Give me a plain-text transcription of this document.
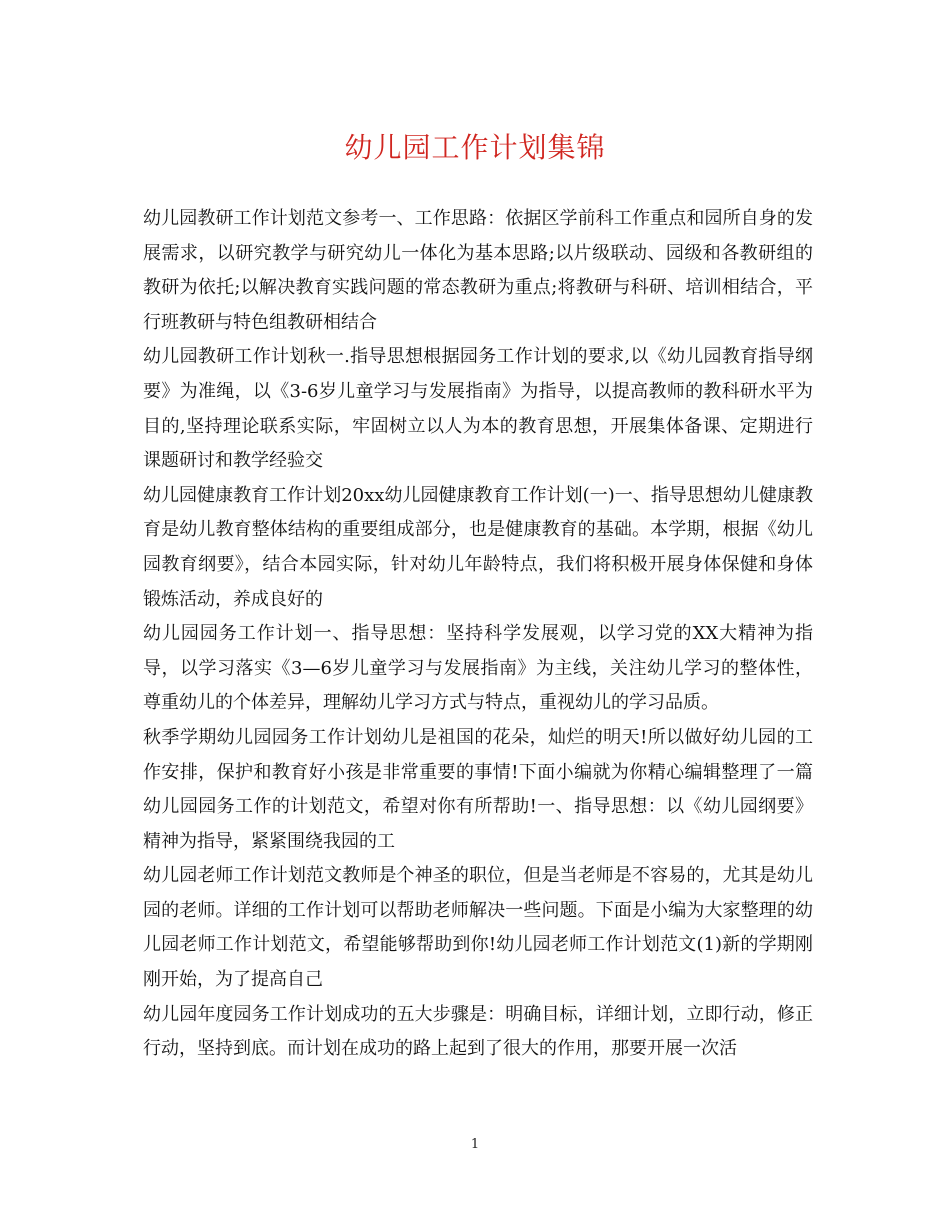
幼儿园工作计划集锦

幼儿园教研工作计划范文参考一、工作思路：依据区学前科工作重点和园所自身的发展需求，以研究教学与研究幼儿一体化为基本思路;以片级联动、园级和各教研组的教研为依托;以解决教育实践问题的常态教研为重点;将教研与科研、培训相结合，平行班教研与特色组教研相结合

幼儿园教研工作计划秋一.指导思想根据园务工作计划的要求,以《幼儿园教育指导纲要》为准绳，以《3-6岁儿童学习与发展指南》为指导，以提高教师的教科研水平为目的,坚持理论联系实际，牢固树立以人为本的教育思想，开展集体备课、定期进行课题研讨和教学经验交

幼儿园健康教育工作计划20xx幼儿园健康教育工作计划(一)一、指导思想幼儿健康教育是幼儿教育整体结构的重要组成部分，也是健康教育的基础。本学期，根据《幼儿园教育纲要》，结合本园实际，针对幼儿年龄特点，我们将积极开展身体保健和身体锻炼活动，养成良好的

幼儿园园务工作计划一、指导思想：坚持科学发展观，以学习党的XX大精神为指导，以学习落实《3—6岁儿童学习与发展指南》为主线，关注幼儿学习的整体性，尊重幼儿的个体差异，理解幼儿学习方式与特点，重视幼儿的学习品质。

秋季学期幼儿园园务工作计划幼儿是祖国的花朵，灿烂的明天!所以做好幼儿园的工作安排，保护和教育好小孩是非常重要的事情!下面小编就为你精心编辑整理了一篇幼儿园园务工作的计划范文，希望对你有所帮助!一、指导思想：以《幼儿园纲要》精神为指导，紧紧围绕我园的工

幼儿园老师工作计划范文教师是个神圣的职位，但是当老师是不容易的，尤其是幼儿园的老师。详细的工作计划可以帮助老师解决一些问题。下面是小编为大家整理的幼儿园老师工作计划范文，希望能够帮助到你!幼儿园老师工作计划范文(1)新的学期刚刚开始，为了提高自己

幼儿园年度园务工作计划成功的五大步骤是：明确目标，详细计划，立即行动，修正行动，坚持到底。而计划在成功的路上起到了很大的作用，那要开展一次活

1
